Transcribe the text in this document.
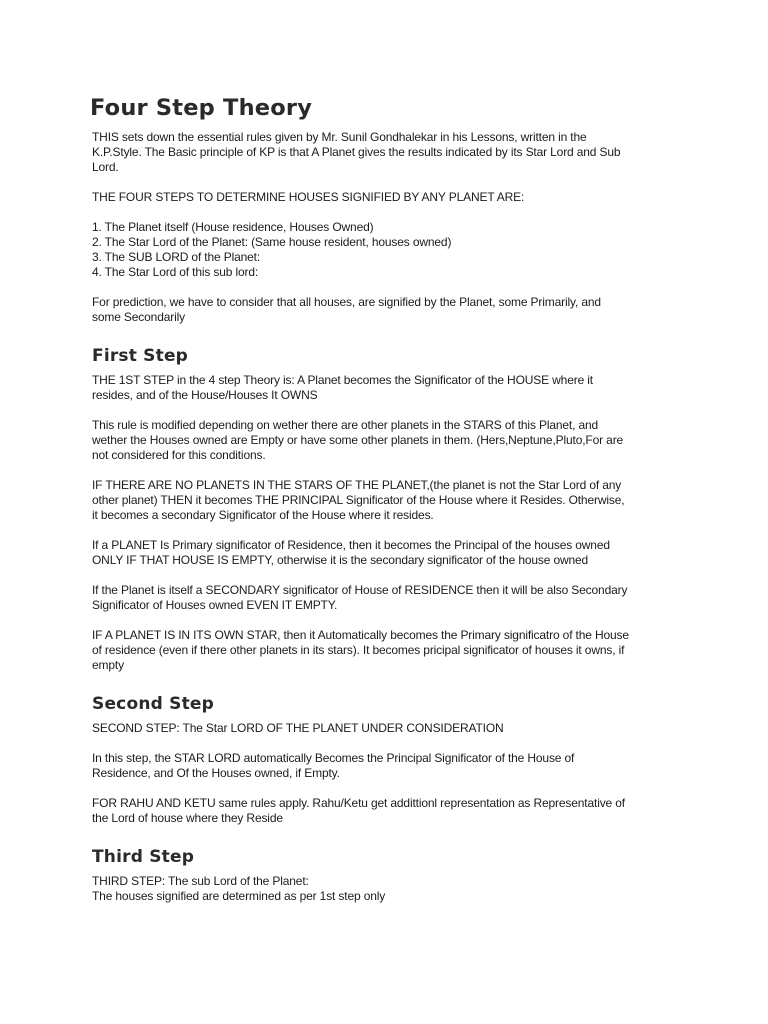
Four Step Theory

THIS sets down the essential rules given by Mr. Sunil Gondhalekar in his Lessons, written in the
K.P.Style. The Basic principle of KP is that A Planet gives the results indicated by its Star Lord and Sub
Lord.

THE FOUR STEPS TO DETERMINE HOUSES SIGNIFIED BY ANY PLANET ARE:

1. The Planet itself (House residence, Houses Owned)
2. The Star Lord of the Planet: (Same house resident, houses owned)
3. The SUB LORD of the Planet:
4. The Star Lord of this sub lord:

For prediction, we have to consider that all houses, are signified by the Planet, some Primarily, and
some Secondarily

First Step

THE 1ST STEP in the 4 step Theory is: A Planet becomes the Significator of the HOUSE where it
resides, and of the House/Houses It OWNS

This rule is modified depending on wether there are other planets in the STARS of this Planet, and
wether the Houses owned are Empty or have some other planets in them. (Hers,Neptune,Pluto,For are
not considered for this conditions.

IF THERE ARE NO PLANETS IN THE STARS OF THE PLANET,(the planet is not the Star Lord of any
other planet) THEN it becomes THE PRINCIPAL Significator of the House where it Resides. Otherwise,
it becomes a secondary Significator of the House where it resides.

If a PLANET Is Primary significator of Residence, then it becomes the Principal of the houses owned
ONLY IF THAT HOUSE IS EMPTY, otherwise it is the secondary significator of the house owned

If the Planet is itself a SECONDARY significator of House of RESIDENCE then it will be also Secondary
Significator of Houses owned EVEN IT EMPTY.

IF A PLANET IS IN ITS OWN STAR, then it Automatically becomes the Primary significatro of the House
of residence (even if there other planets in its stars). It becomes pricipal significator of houses it owns, if
empty

Second Step

SECOND STEP: The Star LORD OF THE PLANET UNDER CONSIDERATION

In this step, the STAR LORD automatically Becomes the Principal Significator of the House of
Residence, and Of the Houses owned, if Empty.

FOR RAHU AND KETU same rules apply. Rahu/Ketu get addittionl representation as Representative of
the Lord of house where they Reside

Third Step

THIRD STEP: The sub Lord of the Planet:
The houses signified are determined as per 1st step only
